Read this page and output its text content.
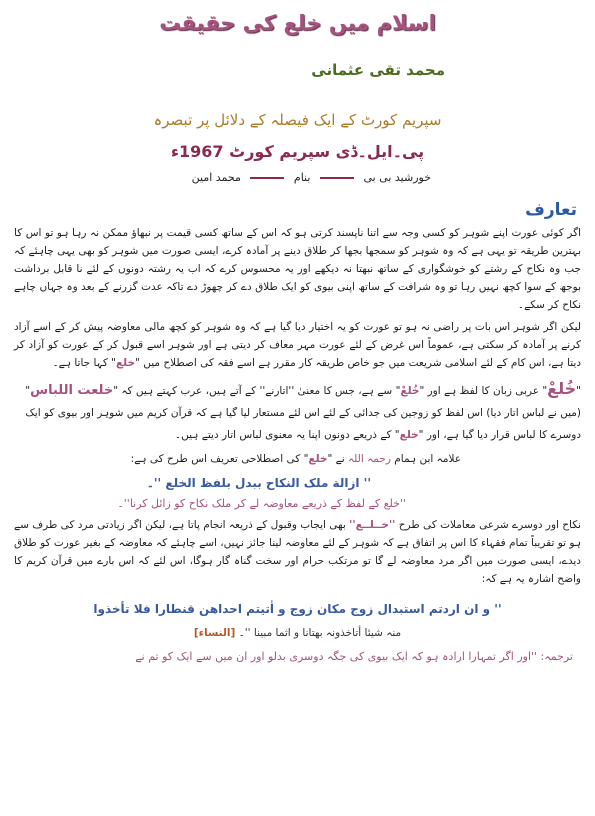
اسلام میں خلع کی حقیقت

محمد تقی عثمانی

سپریم کورٹ کے ایک فیصلہ کے دلائل پر تبصرہ

پی۔ایل۔ڈی سپریم کورٹ 1967ء

خورشید بی بی  بنام  محمد امین

تعارف

اگر کوئی عورت اپنے شوہر کو کسی وجہ سے اتنا ناپسند کرتی ہو کہ اس کے ساتھ کسی قیمت پر نبھاؤ ممکن نہ رہا ہو تو اس کا بہترین طریقہ تو یہی ہے کہ وہ شوہر کو سمجھا بجھا کر طلاق دینے پر آمادہ کرے، ایسی صورت میں شوہر کو بھی یہی چاہئے کہ جب وہ نکاح کے رشتے کو خوشگواری کے ساتھ نبھتا نہ دیکھے اور یہ محسوس کرے کہ اب یہ رشتہ دونوں کے لئے نا قابل برداشت بوجھ کے سوا کچھ نہیں رہا تو وہ شرافت کے ساتھ اپنی بیوی کو ایک طلاق دے کر چھوڑ دے تاکہ عدت گزرنے کے بعد وہ جہاں چاہے نکاح کر سکے۔

لیکن اگر شوہر اس بات پر راضی نہ ہو تو عورت کو یہ اختیار دیا گیا ہے کہ وہ شوہر کو کچھ مالی معاوضہ پیش کر کے اسے آزاد کرنے پر آمادہ کر سکتی ہے، عموماً اس غرض کے لئے عورت مہر معاف کر دیتی ہے اور شوہر اسے قبول کر کے عورت کو آزاد کر دیتا ہے، اس کام کے لئے اسلامی شریعت میں جو خاص طریقہ کار مقرر ہے اسے فقہ کی اصطلاح میں "خلع" کہا جاتا ہے۔

"خُلعْ" عربی زبان کا لفظ ہے اور "خُلعْ" سے ہے، جس کا معنیٰ ''اتارنے'' کے آتے ہیں، عرب کہتے ہیں کہ "خلعت اللباس" (میں نے لباس اتار دیا) اس لفظ کو زوجین کی جدائی کے لئے اس لئے مستعار لیا گیا ہے کہ قرآن کریم میں شوہر اور بیوی کو ایک دوسرے کا لباس قرار دیا گیا ہے، اور "خلع" کے ذریعے دونوں اپنا یہ معنوی لباس اتار دیتے ہیں۔

علامہ ابن ہمام رحمہ اللہ نے "خلع" کی اصطلاحی تعریف اس طرح کی ہے:

'' ازالة ملک النکاح ببدل بلفظ الخلع ''۔

''خلع کے لفظ کے ذریعے معاوضہ لے کر ملک نکاح کو زائل کرنا''۔

نکاح اور دوسرے شرعی معاملات کی طرح ''خــلــع'' بھی ایجاب وقبول کے ذریعہ انجام پاتا ہے، لیکن اگر زیادتی مرد کی طرف سے ہو تو تقریباً تمام فقہاء کا اس پر اتفاق ہے کہ شوہر کے لئے معاوضہ لینا جائز نہیں، اسے چاہئے کہ معاوضہ کے بغیر عورت کو طلاق دیدے، ایسی صورت میں اگر مرد معاوضہ لے گا تو مرتکب حرام اور سخت گناہ گار ہوگا، اس لئے کہ اس بارے میں قرآن کریم کا واضح اشارہ یہ ہے کہ:

'' و ان اردتم استبدال زوج مکان زوج و اٰتیتم احداھن قنطارا فلا تأخذوا

منہ شیئا أتاخذونہ بھتانا و اثما مبینا ''۔ [النساء]

ترجمہ: ''اور اگر تمہارا ارادہ ہو کہ ایک بیوی کی جگہ دوسری بدلو اور ان میں سے ایک کو تم نے
